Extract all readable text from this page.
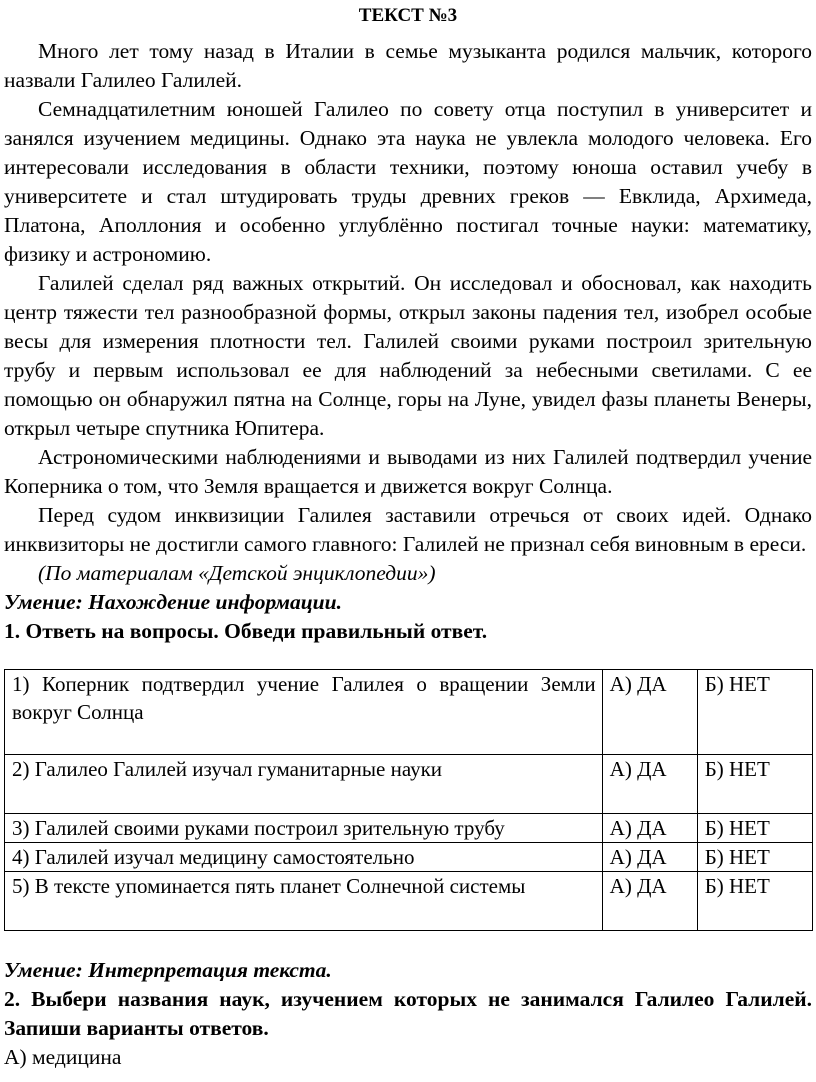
ТЕКСТ №3

Много лет тому назад в Италии в семье музыканта родился мальчик, которого назвали Галилео Галилей.

Семнадцатилетним юношей Галилео по совету отца поступил в университет и занялся изучением медицины. Однако эта наука не увлекла молодого человека. Его интересовали исследования в области техники, поэтому юноша оставил учебу в университете и стал штудировать труды древних греков — Евклида, Архимеда, Платона, Аполлония и особенно углублённо постигал точные науки: математику, физику и астрономию.

Галилей сделал ряд важных открытий. Он исследовал и обосновал, как находить центр тяжести тел разнообразной формы, открыл законы падения тел, изобрел особые весы для измерения плотности тел. Галилей своими руками построил зрительную трубу и первым использовал ее для наблюдений за небесными светилами. С ее помощью он обнаружил пятна на Солнце, горы на Луне, увидел фазы планеты Венеры, открыл четыре спутника Юпитера.

Астрономическими наблюдениями и выводами из них Галилей подтвердил учение Коперника о том, что Земля вращается и движется вокруг Солнца.

Перед судом инквизиции Галилея заставили отречься от своих идей. Однако инквизиторы не достигли самого главного: Галилей не признал себя виновным в ереси.

(По материалам «Детской энциклопедии»)

Умение: Нахождение информации.

1. Ответь на вопросы. Обведи правильный ответ.

1) Коперник подтвердил учение Галилея о вращении Земли вокруг Солнца	А) ДА	Б) НЕТ
2) Галилео Галилей изучал гуманитарные науки	А) ДА	Б) НЕТ
3) Галилей своими руками построил зрительную трубу	А) ДА	Б) НЕТ
4) Галилей изучал медицину самостоятельно	А) ДА	Б) НЕТ
5) В тексте упоминается пять планет Солнечной системы	А) ДА	Б) НЕТ

Умение: Интерпретация текста.

2. Выбери названия наук, изучением которых не занимался Галилео Галилей. Запиши варианты ответов.

А) медицина
